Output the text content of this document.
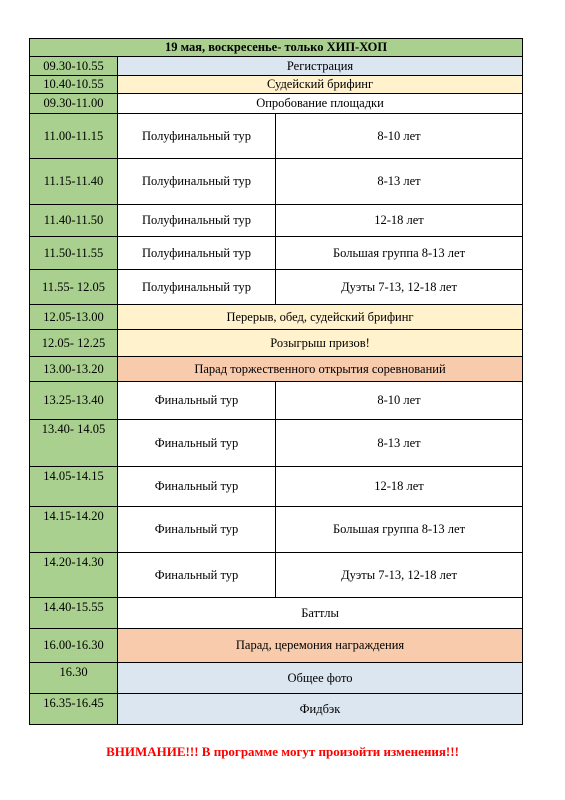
19 мая, воскресенье- только ХИП-ХОП		
09.30-10.55	Регистрация	
10.40-10.55	Судейский брифинг	
09.30-11.00	Опробование площадки	
11.00-11.15	Полуфинальный тур	8-10 лет
11.15-11.40	Полуфинальный тур	8-13 лет
11.40-11.50	Полуфинальный тур	12-18 лет
11.50-11.55	Полуфинальный тур	Большая группа 8-13 лет
11.55- 12.05	Полуфинальный тур	Дуэты 7-13, 12-18 лет
12.05-13.00	Перерыв, обед, судейский брифинг	
12.05- 12.25	Розыгрыш призов!	
13.00-13.20	Парад торжественного открытия соревнований	
13.25-13.40	Финальный тур	8-10 лет
13.40- 14.05	Финальный тур	8-13 лет
14.05-14.15	Финальный тур	12-18 лет
14.15-14.20	Финальный тур	Большая группа 8-13 лет
14.20-14.30	Финальный тур	Дуэты 7-13, 12-18 лет
14.40-15.55	Баттлы	
16.00-16.30	Парад, церемония награждения	
16.30	Общее фото	
16.35-16.45	Фидбэк	
ВНИМАНИЕ!!! В программе могут произойти изменения!!!
